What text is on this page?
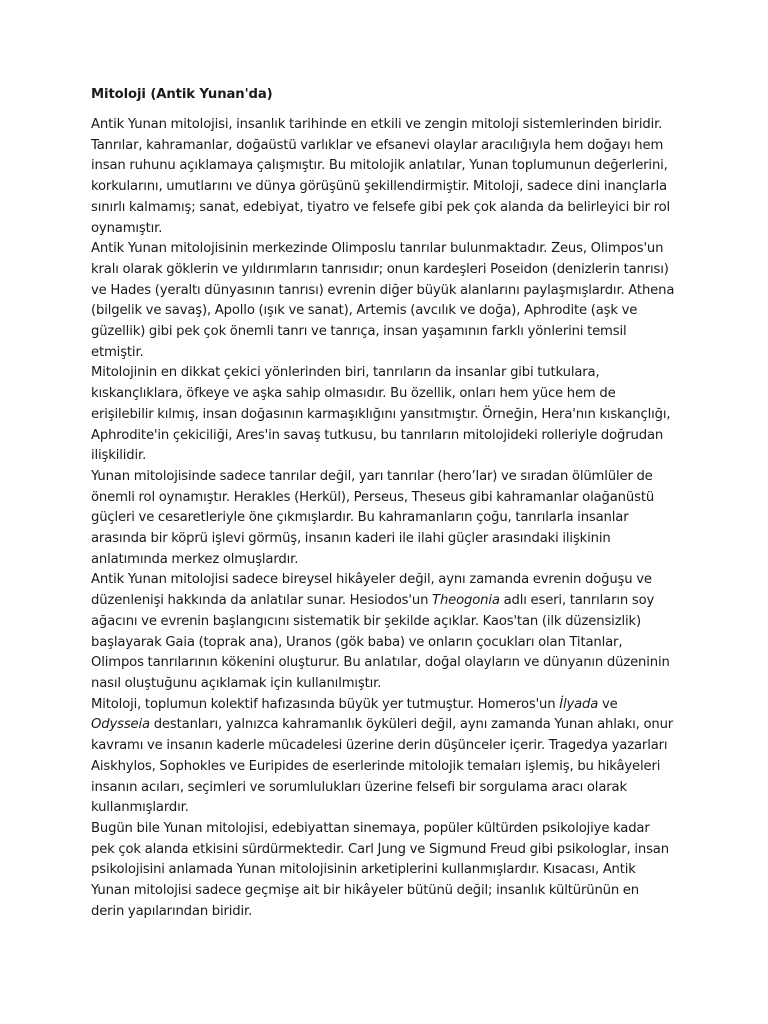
Mitoloji (Antik Yunan'da)

Antik Yunan mitolojisi, insanlık tarihinde en etkili ve zengin mitoloji sistemlerinden biridir. Tanrılar, kahramanlar, doğaüstü varlıklar ve efsanevi olaylar aracılığıyla hem doğayı hem insan ruhunu açıklamaya çalışmıştır. Bu mitolojik anlatılar, Yunan toplumunun değerlerini, korkularını, umutlarını ve dünya görüşünü şekillendirmiştir. Mitoloji, sadece dini inançlarla sınırlı kalmamış; sanat, edebiyat, tiyatro ve felsefe gibi pek çok alanda da belirleyici bir rol oynamıştır.

Antik Yunan mitolojisinin merkezinde Olimposlu tanrılar bulunmaktadır. Zeus, Olimpos'un kralı olarak göklerin ve yıldırımların tanrısıdır; onun kardeşleri Poseidon (denizlerin tanrısı) ve Hades (yeraltı dünyasının tanrısı) evrenin diğer büyük alanlarını paylaşmışlardır. Athena (bilgelik ve savaş), Apollo (ışık ve sanat), Artemis (avcılık ve doğa), Aphrodite (aşk ve güzellik) gibi pek çok önemli tanrı ve tanrıça, insan yaşamının farklı yönlerini temsil etmiştir.

Mitolojinin en dikkat çekici yönlerinden biri, tanrıların da insanlar gibi tutkulara, kıskançlıklara, öfkeye ve aşka sahip olmasıdır. Bu özellik, onları hem yüce hem de erişilebilir kılmış, insan doğasının karmaşıklığını yansıtmıştır. Örneğin, Hera'nın kıskançlığı, Aphrodite'in çekiciliği, Ares'in savaş tutkusu, bu tanrıların mitolojideki rolleriyle doğrudan ilişkilidir.

Yunan mitolojisinde sadece tanrılar değil, yarı tanrılar (hero’lar) ve sıradan ölümlüler de önemli rol oynamıştır. Herakles (Herkül), Perseus, Theseus gibi kahramanlar olağanüstü güçleri ve cesaretleriyle öne çıkmışlardır. Bu kahramanların çoğu, tanrılarla insanlar arasında bir köprü işlevi görmüş, insanın kaderi ile ilahi güçler arasındaki ilişkinin anlatımında merkez olmuşlardır.

Antik Yunan mitolojisi sadece bireysel hikâyeler değil, aynı zamanda evrenin doğuşu ve düzenlenişi hakkında da anlatılar sunar. Hesiodos'un Theogonia adlı eseri, tanrıların soy ağacını ve evrenin başlangıcını sistematik bir şekilde açıklar. Kaos'tan (ilk düzensizlik) başlayarak Gaia (toprak ana), Uranos (gök baba) ve onların çocukları olan Titanlar, Olimpos tanrılarının kökenini oluşturur. Bu anlatılar, doğal olayların ve dünyanın düzeninin nasıl oluştuğunu açıklamak için kullanılmıştır.

Mitoloji, toplumun kolektif hafızasında büyük yer tutmuştur. Homeros'un İlyada ve Odysseia destanları, yalnızca kahramanlık öyküleri değil, aynı zamanda Yunan ahlakı, onur kavramı ve insanın kaderle mücadelesi üzerine derin düşünceler içerir. Tragedya yazarları Aiskhylos, Sophokles ve Euripides de eserlerinde mitolojik temaları işlemiş, bu hikâyeleri insanın acıları, seçimleri ve sorumlulukları üzerine felsefi bir sorgulama aracı olarak kullanmışlardır.

Bugün bile Yunan mitolojisi, edebiyattan sinemaya, popüler kültürden psikolojiye kadar pek çok alanda etkisini sürdürmektedir. Carl Jung ve Sigmund Freud gibi psikologlar, insan psikolojisini anlamada Yunan mitolojisinin arketiplerini kullanmışlardır. Kısacası, Antik Yunan mitolojisi sadece geçmişe ait bir hikâyeler bütünü değil; insanlık kültürünün en derin yapılarından biridir.
